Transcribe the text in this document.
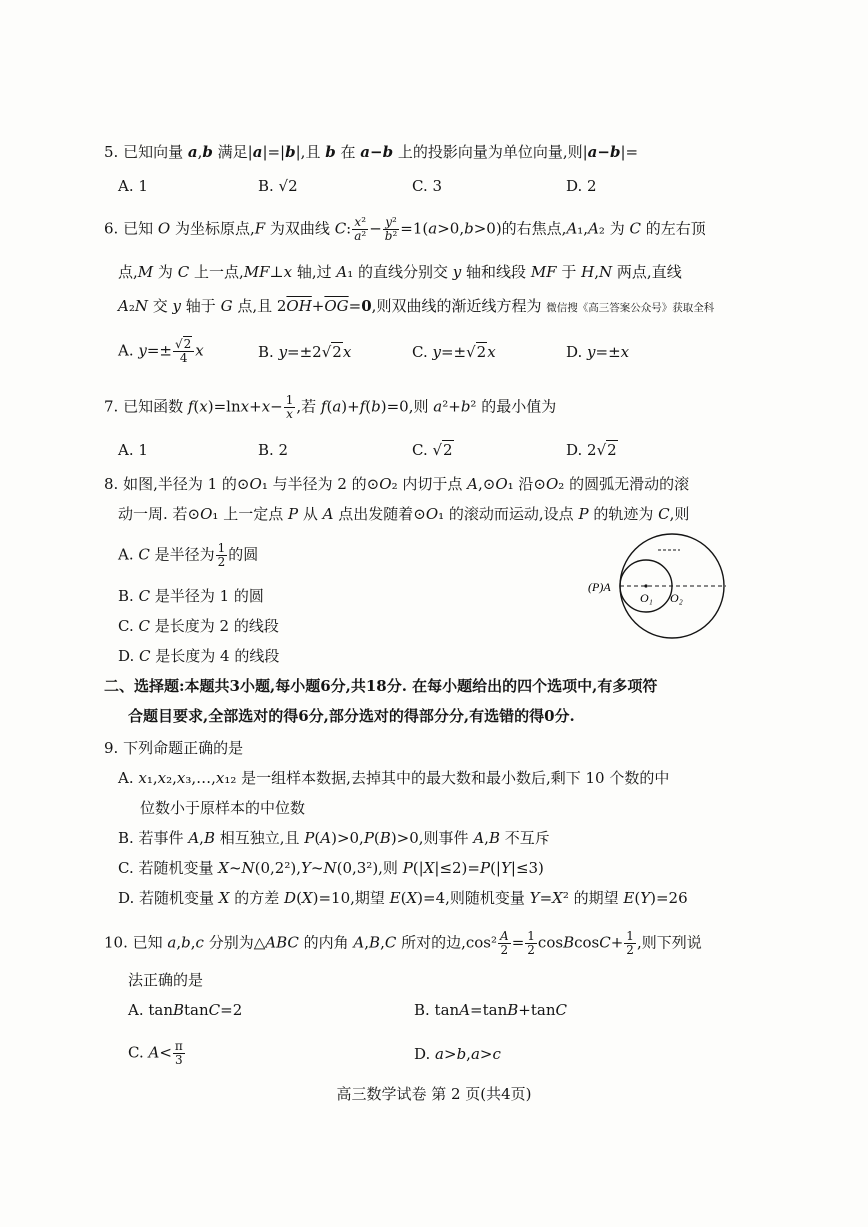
5. 已知向量 a,b 满足|a|=|b|,且 b 在 a−b 上的投影向量为单位向量,则|a−b|=
A. 1	B. √2	C. 3	D. 2
6. 已知 O 为坐标原点,F 为双曲线 C: $\frac{\text{x²}}{\text{a²}} - \frac{\text{y²}}{\text{b²}} =1(a>0,b>0)$的右焦点,A₁,A₂ 为 C 的左右顶
点,M 为 C 上一点,MF⊥x 轴,过 A₁ 的直线分别交 y 轴和线段 MF 于 H,N 两点,直线
A₂N 交 y 轴于 G 点,且 $2\overline{OH}+\overline{OG}=0$,则双曲线的渐近线方程为 微信搜《高三答案公众号》获取全科
A. $y=\pm \frac{√2}{4}$ x	B. y=±2√2x	C. y=±√2x	D. y=±x
7. 已知函数 $f(x)=\ln x+x- \frac{1}{x}$ ,若 f(a)+f(b)=0,则 a²+b² 的最小值为
A. 1	B. 2	C. √2	D. 2√2
8. 如图,半径为 1 的⊙O₁ 与半径为 2 的⊙O₂ 内切于点 A,⊙O₁ 沿⊙O₂ 的圆弧无滑动的滚
动一周. 若⊙O₁ 上一定点 P 从 A 点出发随着⊙O₁ 的滚动而运动,设点 P 的轨迹为 C,则
A. C 是半径为 $\frac{1}{2}$ 的圆
B. C 是半径为 1 的圆
C. C 是长度为 2 的线段
D. C 是长度为 4 的线段
(P)A
O₁ O₂
二、选择题:本题共3小题,每小题6分,共18分. 在每小题给出的四个选项中,有多项符
合题目要求,全部选对的得6分,部分选对的得部分分,有选错的得0分.
9. 下列命题正确的是
A. x₁,x₂,x₃,…,x₁₂ 是一组样本数据,去掉其中的最大数和最小数后,剩下 10 个数的中
位数小于原样本的中位数
B. 若事件 A,B 相互独立,且 P(A)>0,P(B)>0,则事件 A,B 不互斥
C. 若随机变量 X~N(0,2²),Y~N(0,3²),则 P(|X|≤2)=P(|Y|≤3)
D. 若随机变量 X 的方差 D(X)=10,期望 E(X)=4,则随机变量 Y=X² 的期望 E(Y)=26
10. 已知 a,b,c 分别为△ABC 的内角 A,B,C 所对的边$,\cos^2 \frac{A}{2} = \frac{1}{2}$ cosBcosC+ $\frac{1}{2}$ ,则下列说
法正确的是
A. tanBtanC=2	B. tanA=tanB+tanC
C. $A< \frac{\pi}{3}$	D. a>b,a>c
高三数学试卷 第 2 页(共4页)
